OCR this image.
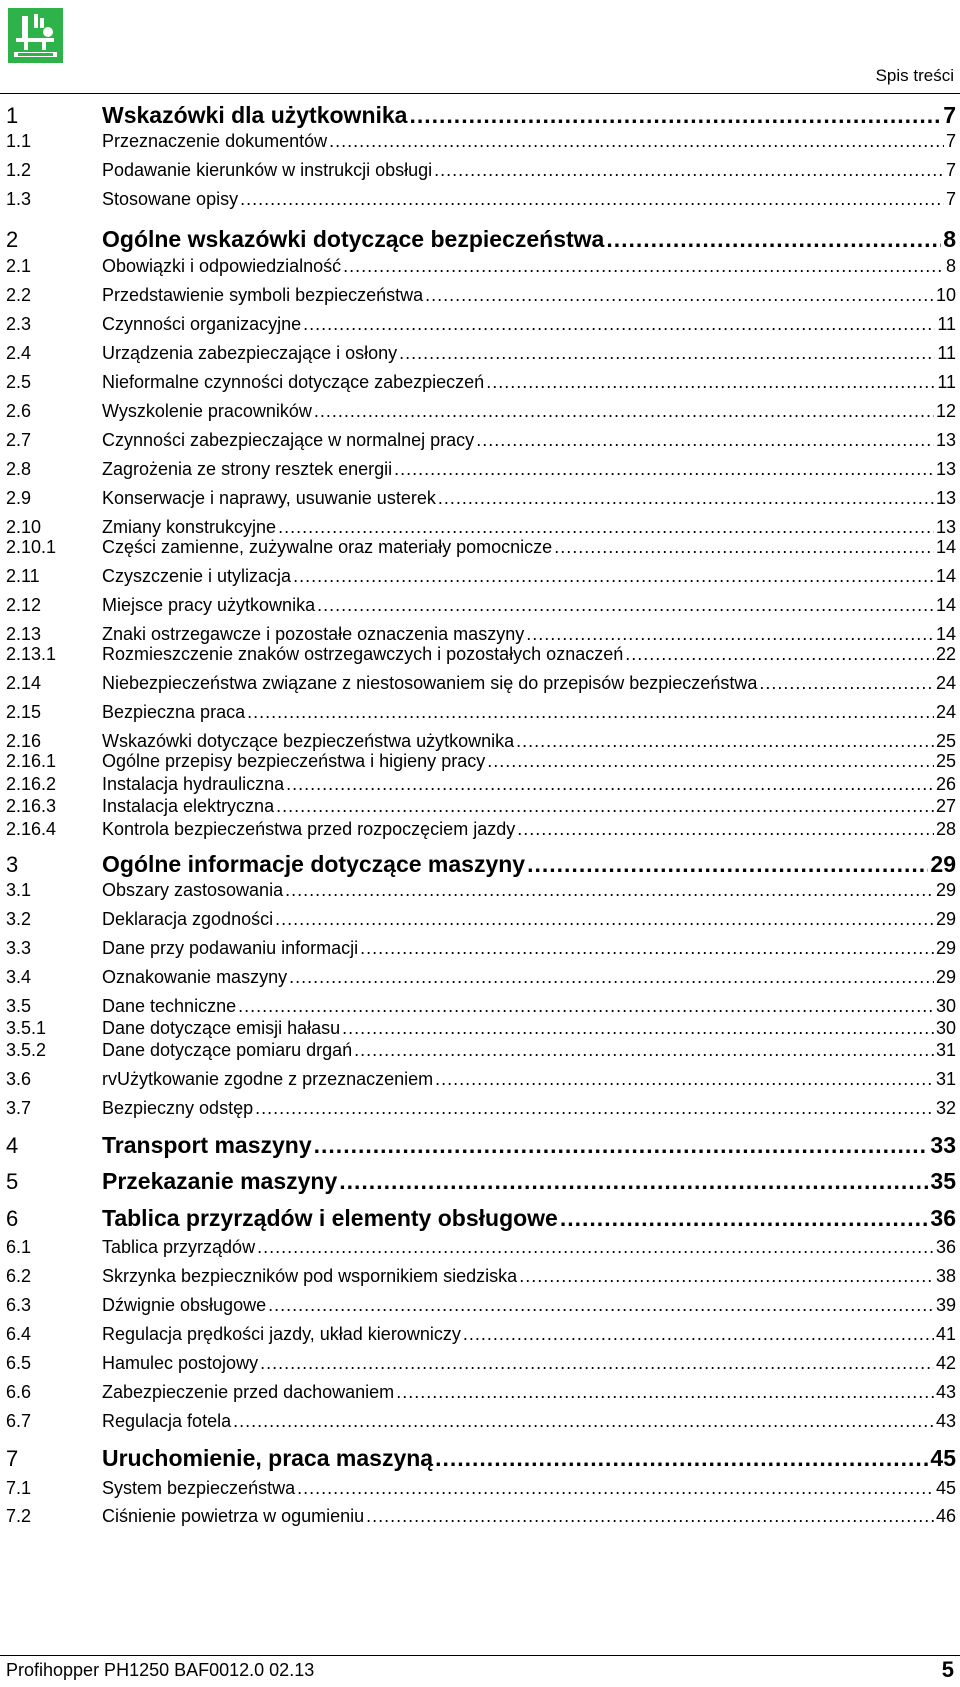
Spis treści
1	Wskazówki dla użytkownika .....	7
1.1	Przeznaczenie dokumentów .....	7
1.2	Podawanie kierunków w instrukcji obsługi .....	7
1.3	Stosowane opisy .....	7
2	Ogólne wskazówki dotyczące bezpieczeństwa .....	8
2.1	Obowiązki i odpowiedzialność .....	8
2.2	Przedstawienie symboli bezpieczeństwa .....	10
2.3	Czynności organizacyjne .....	11
2.4	Urządzenia zabezpieczające i osłony .....	11
2.5	Nieformalne czynności dotyczące zabezpieczeń .....	11
2.6	Wyszkolenie pracowników .....	12
2.7	Czynności zabezpieczające w normalnej pracy .....	13
2.8	Zagrożenia ze strony resztek energii .....	13
2.9	Konserwacje i naprawy, usuwanie usterek .....	13
2.10	Zmiany konstrukcyjne .....	13
2.10.1	Części zamienne, zużywalne oraz materiały pomocnicze .....	14
2.11	Czyszczenie i utylizacja .....	14
2.12	Miejsce pracy użytkownika .....	14
2.13	Znaki ostrzegawcze i pozostałe oznaczenia maszyny .....	14
2.13.1	Rozmieszczenie znaków ostrzegawczych i pozostałych oznaczeń .....	22
2.14	Niebezpieczeństwa związane z niestosowaniem się do przepisów bezpieczeństwa .....	24
2.15	Bezpieczna praca .....	24
2.16	Wskazówki dotyczące bezpieczeństwa użytkownika .....	25
2.16.1	Ogólne przepisy bezpieczeństwa i higieny pracy .....	25
2.16.2	Instalacja hydrauliczna .....	26
2.16.3	Instalacja elektryczna .....	27
2.16.4	Kontrola bezpieczeństwa przed rozpoczęciem jazdy .....	28
3	Ogólne informacje dotyczące maszyny .....	29
3.1	Obszary zastosowania .....	29
3.2	Deklaracja zgodności .....	29
3.3	Dane przy podawaniu informacji .....	29
3.4	Oznakowanie maszyny .....	29
3.5	Dane techniczne .....	30
3.5.1	Dane dotyczące emisji hałasu .....	30
3.5.2	Dane dotyczące pomiaru drgań .....	31
3.6	rvUżytkowanie zgodne z przeznaczeniem .....	31
3.7	Bezpieczny odstęp .....	32
4	Transport maszyny .....	33
5	Przekazanie maszyny .....	35
6	Tablica przyrządów i elementy obsługowe .....	36
6.1	Tablica przyrządów .....	36
6.2	Skrzynka bezpieczników pod wspornikiem siedziska .....	38
6.3	Dźwignie obsługowe .....	39
6.4	Regulacja prędkości jazdy, układ kierowniczy .....	41
6.5	Hamulec postojowy .....	42
6.6	Zabezpieczenie przed dachowaniem .....	43
6.7	Regulacja fotela .....	43
7	Uruchomienie, praca maszyną .....	45
7.1	System bezpieczeństwa .....	45
7.2	Ciśnienie powietrza w ogumieniu .....	46
Profihopper PH1250 BAF0012.0 02.13	5
